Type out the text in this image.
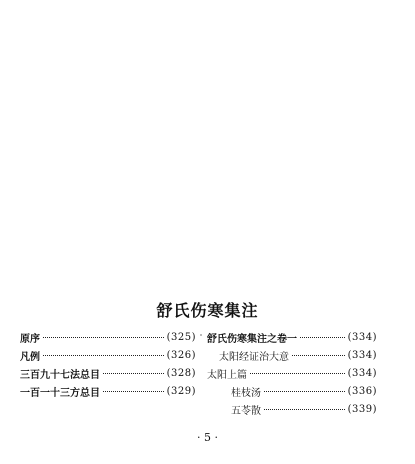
舒氏伤寒集注
原序	(325)
凡例	(326)
三百九十七法总目	(328)
一百一十三方总目	(329)
舒氏伤寒集注之卷一	(334)
太阳经证治大意	(334)
太阳上篇	(334)
桂枝汤	(336)
五苓散	(339)
· 5 ·
